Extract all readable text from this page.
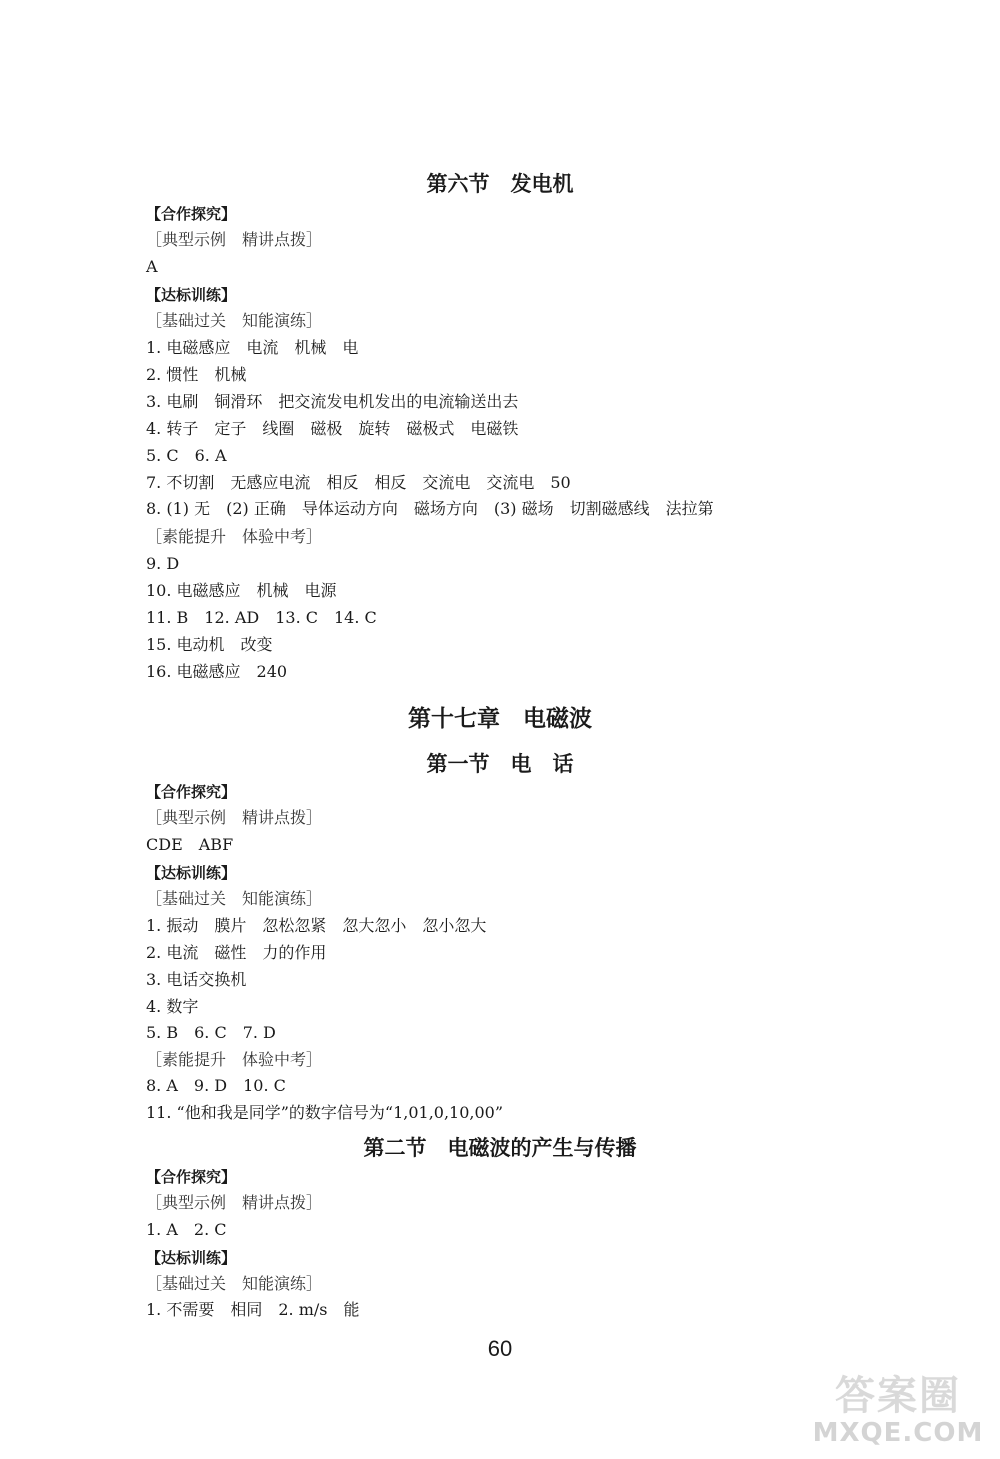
第六节　发电机
【合作探究】
［典型示例　精讲点拨］
A
【达标训练】
［基础过关　知能演练］
1. 电磁感应　电流　机械　电
2. 惯性　机械
3. 电刷　铜滑环　把交流发电机发出的电流输送出去
4. 转子　定子　线圈　磁极　旋转　磁极式　电磁铁
5. C　6. A
7. 不切割　无感应电流　相反　相反　交流电　交流电　50
8. (1) 无　(2) 正确　导体运动方向　磁场方向　(3) 磁场　切割磁感线　法拉第
［素能提升　体验中考］
9. D
10. 电磁感应　机械　电源
11. B　12. AD　13. C　14. C
15. 电动机　改变
16. 电磁感应　240
第十七章　电磁波
第一节　电　话
【合作探究】
［典型示例　精讲点拨］
CDE　ABF
【达标训练】
［基础过关　知能演练］
1. 振动　膜片　忽松忽紧　忽大忽小　忽小忽大
2. 电流　磁性　力的作用
3. 电话交换机
4. 数字
5. B　6. C　7. D
［素能提升　体验中考］
8. A　9. D　10. C
11. “他和我是同学”的数字信号为“1,01,0,10,00”
第二节　电磁波的产生与传播
【合作探究】
［典型示例　精讲点拨］
1. A　2. C
【达标训练】
［基础过关　知能演练］
1. 不需要　相同　2. m/s　能
60
答案圈
MXQE.COM
